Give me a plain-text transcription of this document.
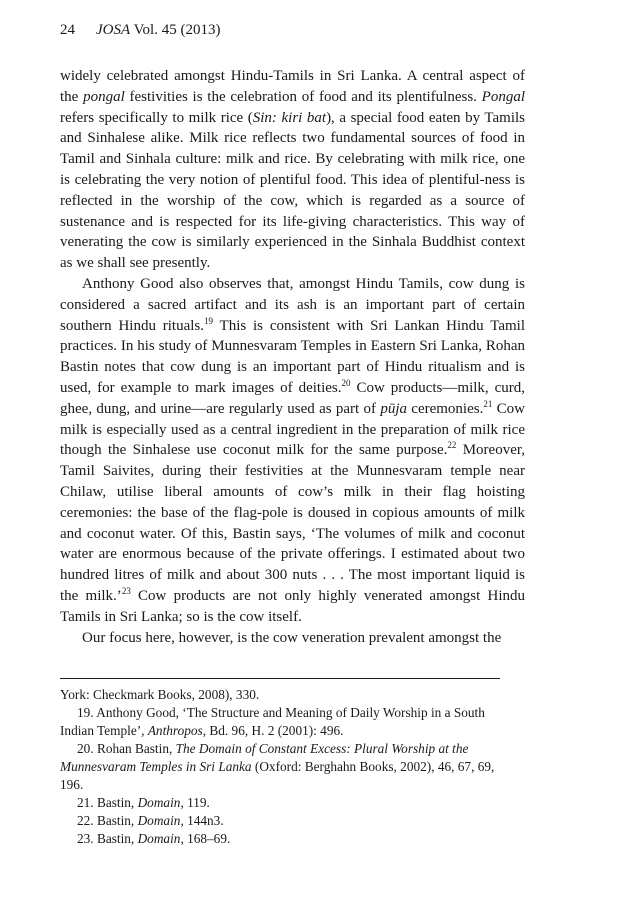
24 JOSA Vol. 45 (2013)

widely celebrated amongst Hindu-Tamils in Sri Lanka. A central aspect of the pongal festivities is the celebration of food and its plentifulness. Pongal refers specifically to milk rice (Sin: kiri bat), a special food eaten by Tamils and Sinhalese alike. Milk rice reflects two fundamental sources of food in Tamil and Sinhala culture: milk and rice. By celebrating with milk rice, one is celebrating the very notion of plentiful food. This idea of plentiful-ness is reflected in the worship of the cow, which is regarded as a source of sustenance and is respected for its life-giving characteristics. This way of venerating the cow is similarly experienced in the Sinhala Buddhist context as we shall see presently.

Anthony Good also observes that, amongst Hindu Tamils, cow dung is considered a sacred artifact and its ash is an important part of certain southern Hindu rituals.$^{19}$ This is consistent with Sri Lankan Hindu Tamil practices. In his study of Munnesvaram Temples in Eastern Sri Lanka, Rohan Bastin notes that cow dung is an important part of Hindu ritualism and is used, for example to mark images of deities.$^{20}$ Cow products—milk, curd, ghee, dung, and urine—are regularly used as part of pūja ceremonies.$^{21}$ Cow milk is especially used as a central ingredient in the preparation of milk rice though the Sinhalese use coconut milk for the same purpose.$^{22}$ Moreover, Tamil Saivites, during their festivities at the Munnesvaram temple near Chilaw, utilise liberal amounts of cow’s milk in their flag hoisting ceremonies: the base of the flag-pole is doused in copious amounts of milk and coconut water. Of this, Bastin says, ‘The volumes of milk and coconut water are enormous because of the private offerings. I estimated about two hundred litres of milk and about 300 nuts . . . The most important liquid is the milk.’$^{23}$ Cow products are not only highly venerated amongst Hindu Tamils in Sri Lanka; so is the cow itself.

Our focus here, however, is the cow veneration prevalent amongst the

York: Checkmark Books, 2008), 330.

19. Anthony Good, ‘The Structure and Meaning of Daily Worship in a South Indian Temple’, Anthropos, Bd. 96, H. 2 (2001): 496.

20. Rohan Bastin, The Domain of Constant Excess: Plural Worship at the Munnesvaram Temples in Sri Lanka (Oxford: Berghahn Books, 2002), 46, 67, 69, 196.

21. Bastin, Domain, 119.

22. Bastin, Domain, 144n3.

23. Bastin, Domain, 168–69.
